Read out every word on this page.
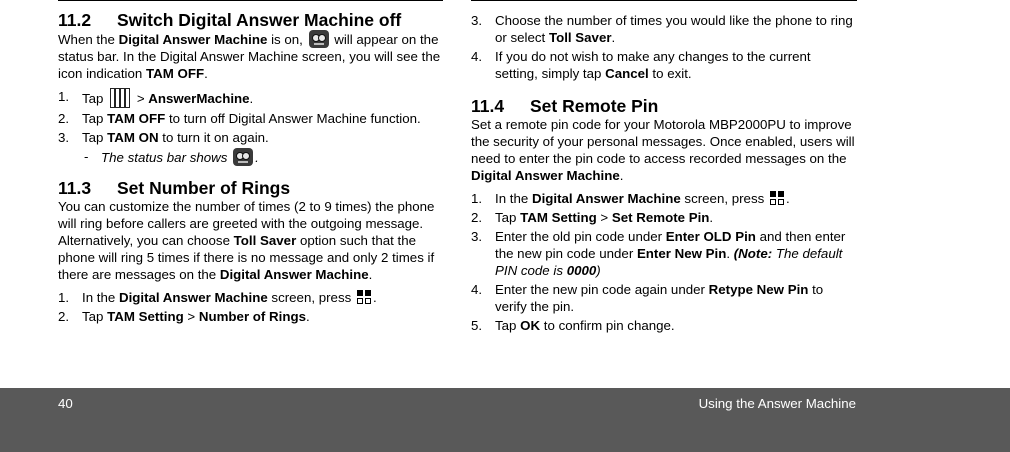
11.2 Switch Digital Answer Machine off

When the Digital Answer Machine is on,
will appear on the status bar. In the Digital Answer Machine screen, you will see the icon indication TAM OFF.

1. Tap  > AnswerMachine.
2. Tap TAM OFF to turn off Digital Answer Machine function.
3. Tap TAM ON to turn it on again.
- The status bar shows
.
11.3 Set Number of Rings

You can customize the number of times (2 to 9 times) the phone will ring before callers are greeted with the outgoing message. Alternatively, you can choose Toll Saver option such that the phone will ring 5 times if there is no message and only 2 times if there are messages on the Digital Answer Machine.

1. In the Digital Answer Machine screen, press
.
2. Tap TAM Setting > Number of Rings.
3. Choose the number of times you would like the phone to ring or select Toll Saver.
4. If you do not wish to make any changes to the current setting, simply tap Cancel to exit.
11.4 Set Remote Pin

Set a remote pin code for your Motorola MBP2000PU to improve the security of your personal messages. Once enabled, users will need to enter the pin code to access recorded messages on the Digital Answer Machine.

1. In the Digital Answer Machine screen, press
.
2. Tap TAM Setting > Set Remote Pin.
3. Enter the old pin code under Enter OLD Pin and then enter the new pin code under Enter New Pin. (Note: The default PIN code is 0000)
4. Enter the new pin code again under Retype New Pin to verify the pin.
5. Tap OK to confirm pin change.
40	Using the Answer Machine
